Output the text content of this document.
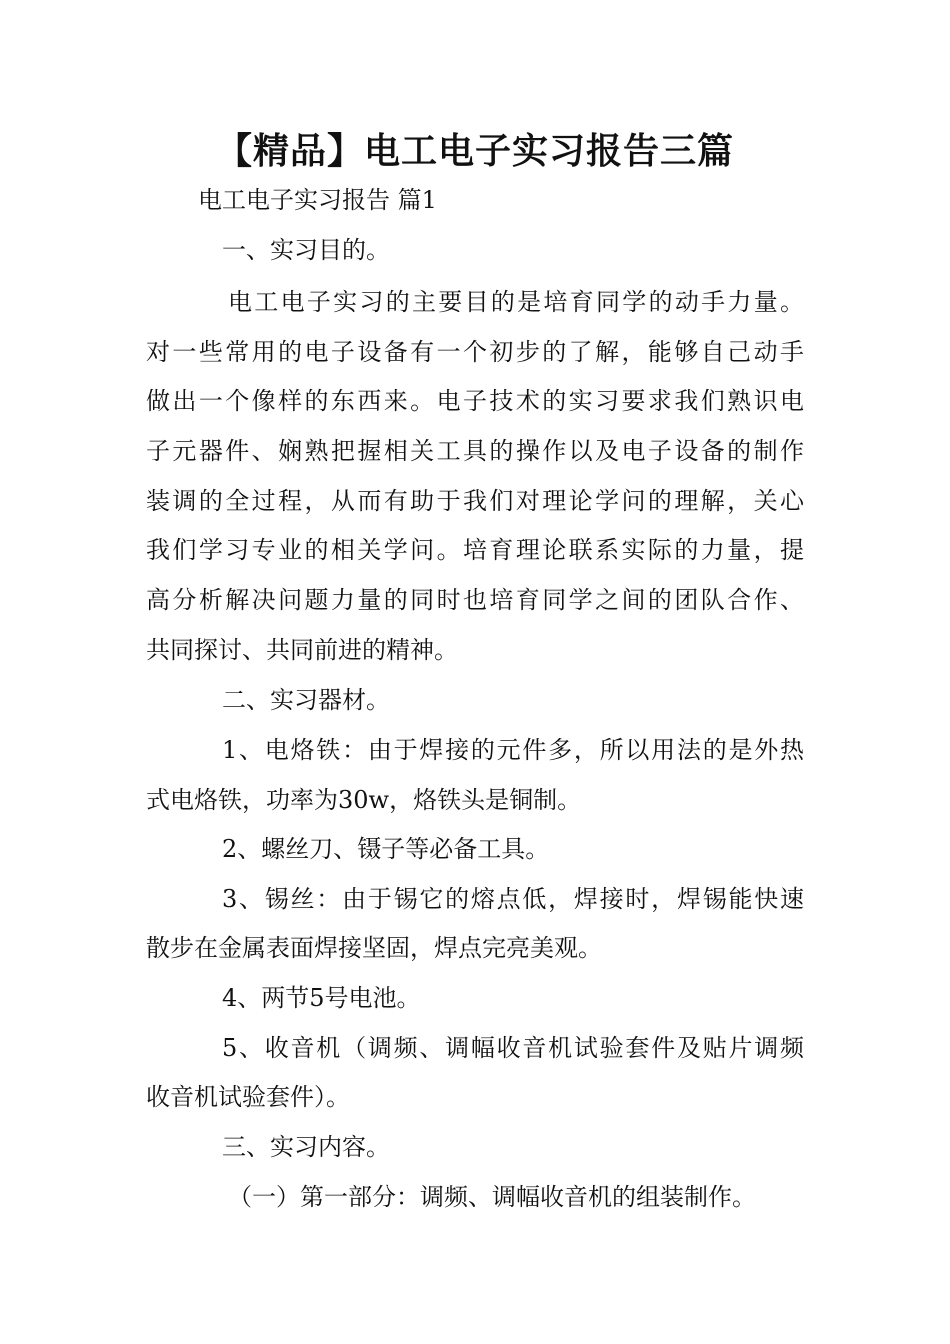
【精品】电工电子实习报告三篇
电工电子实习报告 篇1
一、实习目的。
电工电子实习的主要目的是培育同学的动手力量。
对一些常用的电子设备有一个初步的了解，能够自己动手
做出一个像样的东西来。电子技术的实习要求我们熟识电
子元器件、娴熟把握相关工具的操作以及电子设备的制作
装调的全过程，从而有助于我们对理论学问的理解，关心
我们学习专业的相关学问。培育理论联系实际的力量，提
高分析解决问题力量的同时也培育同学之间的团队合作、
共同探讨、共同前进的精神。
二、实习器材。
1、电烙铁：由于焊接的元件多，所以用法的是外热
式电烙铁，功率为30w，烙铁头是铜制。
2、螺丝刀、镊子等必备工具。
3、锡丝：由于锡它的熔点低，焊接时，焊锡能快速
散步在金属表面焊接坚固，焊点完亮美观。
4、两节5号电池。
5、收音机（调频、调幅收音机试验套件及贴片调频
收音机试验套件）。
三、实习内容。
（一）第一部分：调频、调幅收音机的组装制作。
